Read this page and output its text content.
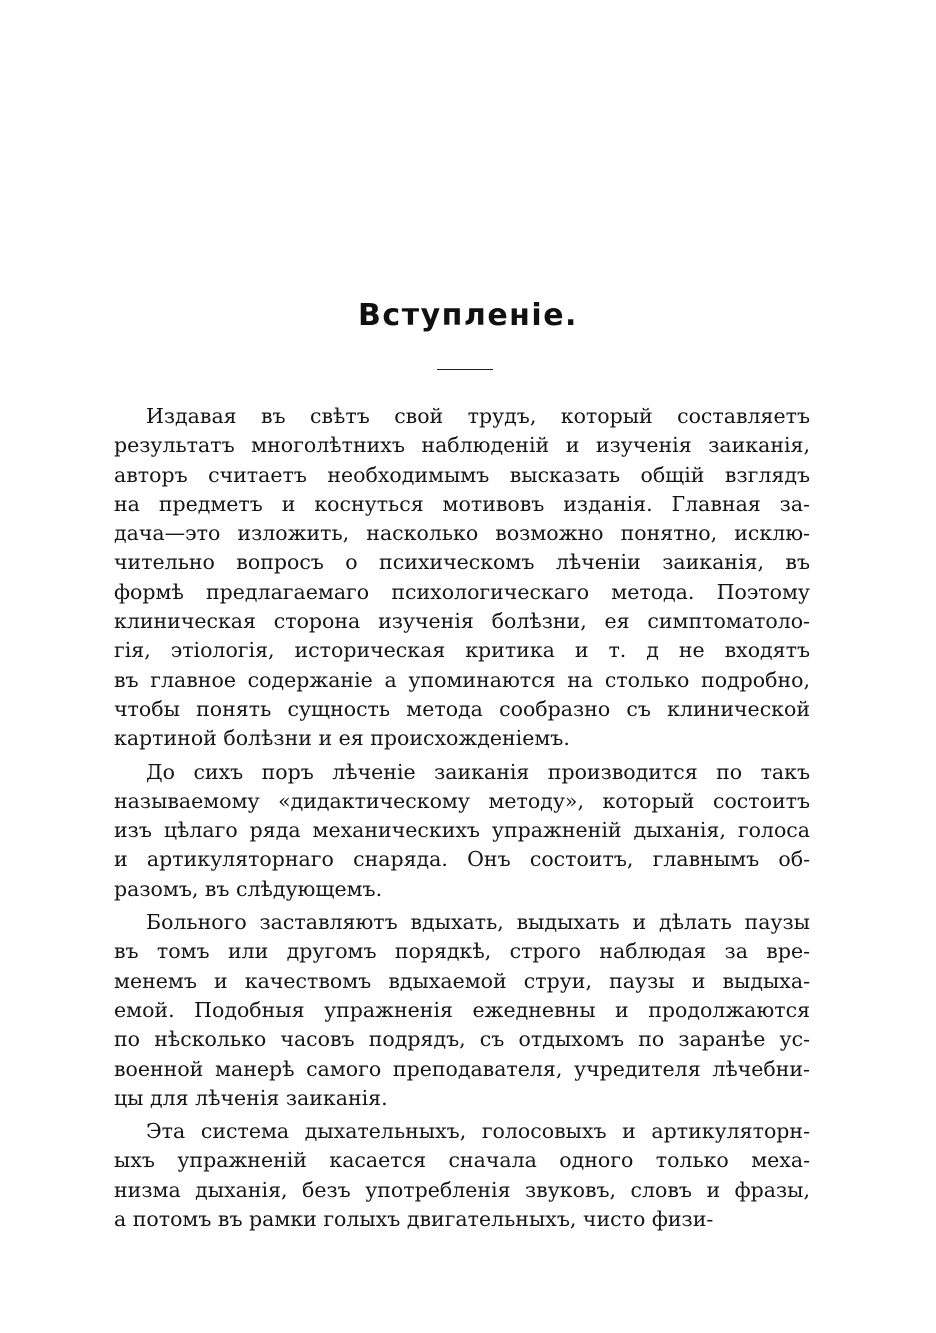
Вступленіе.
Издавая въ свѣтъ свой трудъ, который составляетъ
результатъ многолѣтнихъ наблюденій и изученія заиканія,
авторъ считаетъ необходимымъ высказать общій взглядъ
на предметъ и коснуться мотивовъ изданія. Главная за-
дача—это изложить, насколько возможно понятно, исклю-
чительно вопросъ о психическомъ лѣченіи заиканія, въ
формѣ предлагаемаго психологическаго метода. Поэтому
клиническая сторона изученія болѣзни, ея симптоматоло-
гія, этіологія, историческая критика и т. д не входятъ
въ главное содержаніе а упоминаются на столько подробно,
чтобы понять сущность метода сообразно съ клинической
картиной болѣзни и ея происхожденіемъ.
До сихъ поръ лѣченіе заиканія производится по такъ
называемому «дидактическому методу», который состоитъ
изъ цѣлаго ряда механическихъ упражненій дыханія, голоса
и артикуляторнаго снаряда. Онъ состоитъ, главнымъ об-
разомъ, въ слѣдующемъ.
Больного заставляютъ вдыхать, выдыхать и дѣлать паузы
въ томъ или другомъ порядкѣ, строго наблюдая за вре-
менемъ и качествомъ вдыхаемой струи, паузы и выдыха-
емой. Подобныя упражненія ежедневны и продолжаются
по нѣсколько часовъ подрядъ, съ отдыхомъ по заранѣе ус-
военной манерѣ самого преподавателя, учредителя лѣчебни-
цы для лѣченія заиканія.
Эта система дыхательныхъ, голосовыхъ и артикуляторн-
ыхъ упражненій касается сначала одного только меха-
низма дыханія, безъ употребленія звуковъ, словъ и фразы,
а потомъ въ рамки голыхъ двигательныхъ, чисто физи-
